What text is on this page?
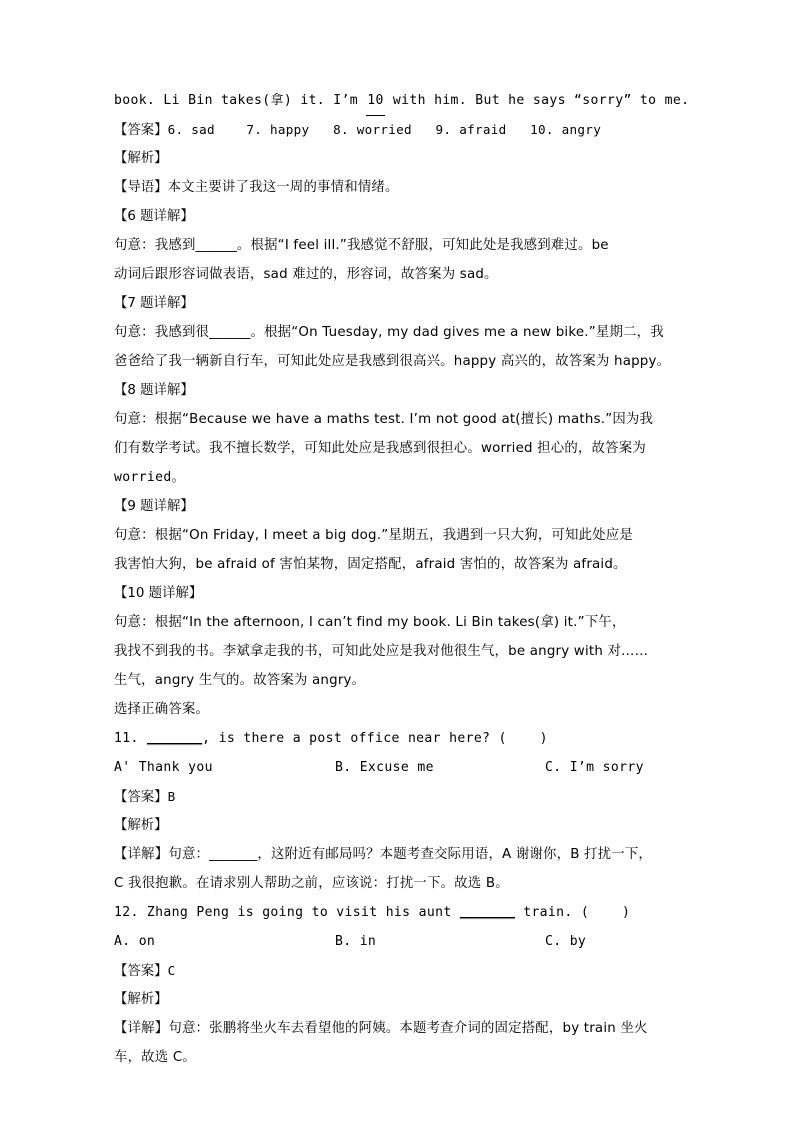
book. Li Bin takes(拿) it. I’m 10 with him. But he says “sorry” to me.
【答案】6. sad    7. happy   8. worried   9. afraid   10. angry
【解析】
【导语】本文主要讲了我这一周的事情和情绪。
【6 题详解】
句意：我感到______。根据“I feel ill.”我感觉不舒服，可知此处是我感到难过。be
动词后跟形容词做表语，sad 难过的，形容词，故答案为 sad。
【7 题详解】
句意：我感到很______。根据“On Tuesday, my dad gives me a new bike.”星期二，我
爸爸给了我一辆新自行车，可知此处应是我感到很高兴。happy 高兴的，故答案为 happy。
【8 题详解】
句意：根据“Because we have a maths test. I’m not good at(擅长) maths.”因为我
们有数学考试。我不擅长数学，可知此处应是我感到很担心。worried 担心的，故答案为
worried。
【9 题详解】
句意：根据“On Friday, I meet a big dog.”星期五，我遇到一只大狗，可知此处应是
我害怕大狗，be afraid of 害怕某物，固定搭配，afraid 害怕的，故答案为 afraid。
【10 题详解】
句意：根据“In the afternoon, I can’t find my book. Li Bin takes(拿) it.”下午，
我找不到我的书。李斌拿走我的书，可知此处应是我对他很生气，be angry with 对……
生气，angry 生气的。故答案为 angry。
选择正确答案。
11. _______, is there a post office near here? (    )
A' Thank you	B. Excuse me	C. I’m sorry
【答案】B
【解析】
【详解】句意：_______，这附近有邮局吗？本题考查交际用语，A 谢谢你，B 打扰一下，
C 我很抱歉。在请求别人帮助之前，应该说：打扰一下。故选 B。
12. Zhang Peng is going to visit his aunt _______ train. (    )
A. on	B. in	C. by
【答案】C
【解析】
【详解】句意：张鹏将坐火车去看望他的阿姨。本题考查介词的固定搭配，by train 坐火
车，故选 C。
